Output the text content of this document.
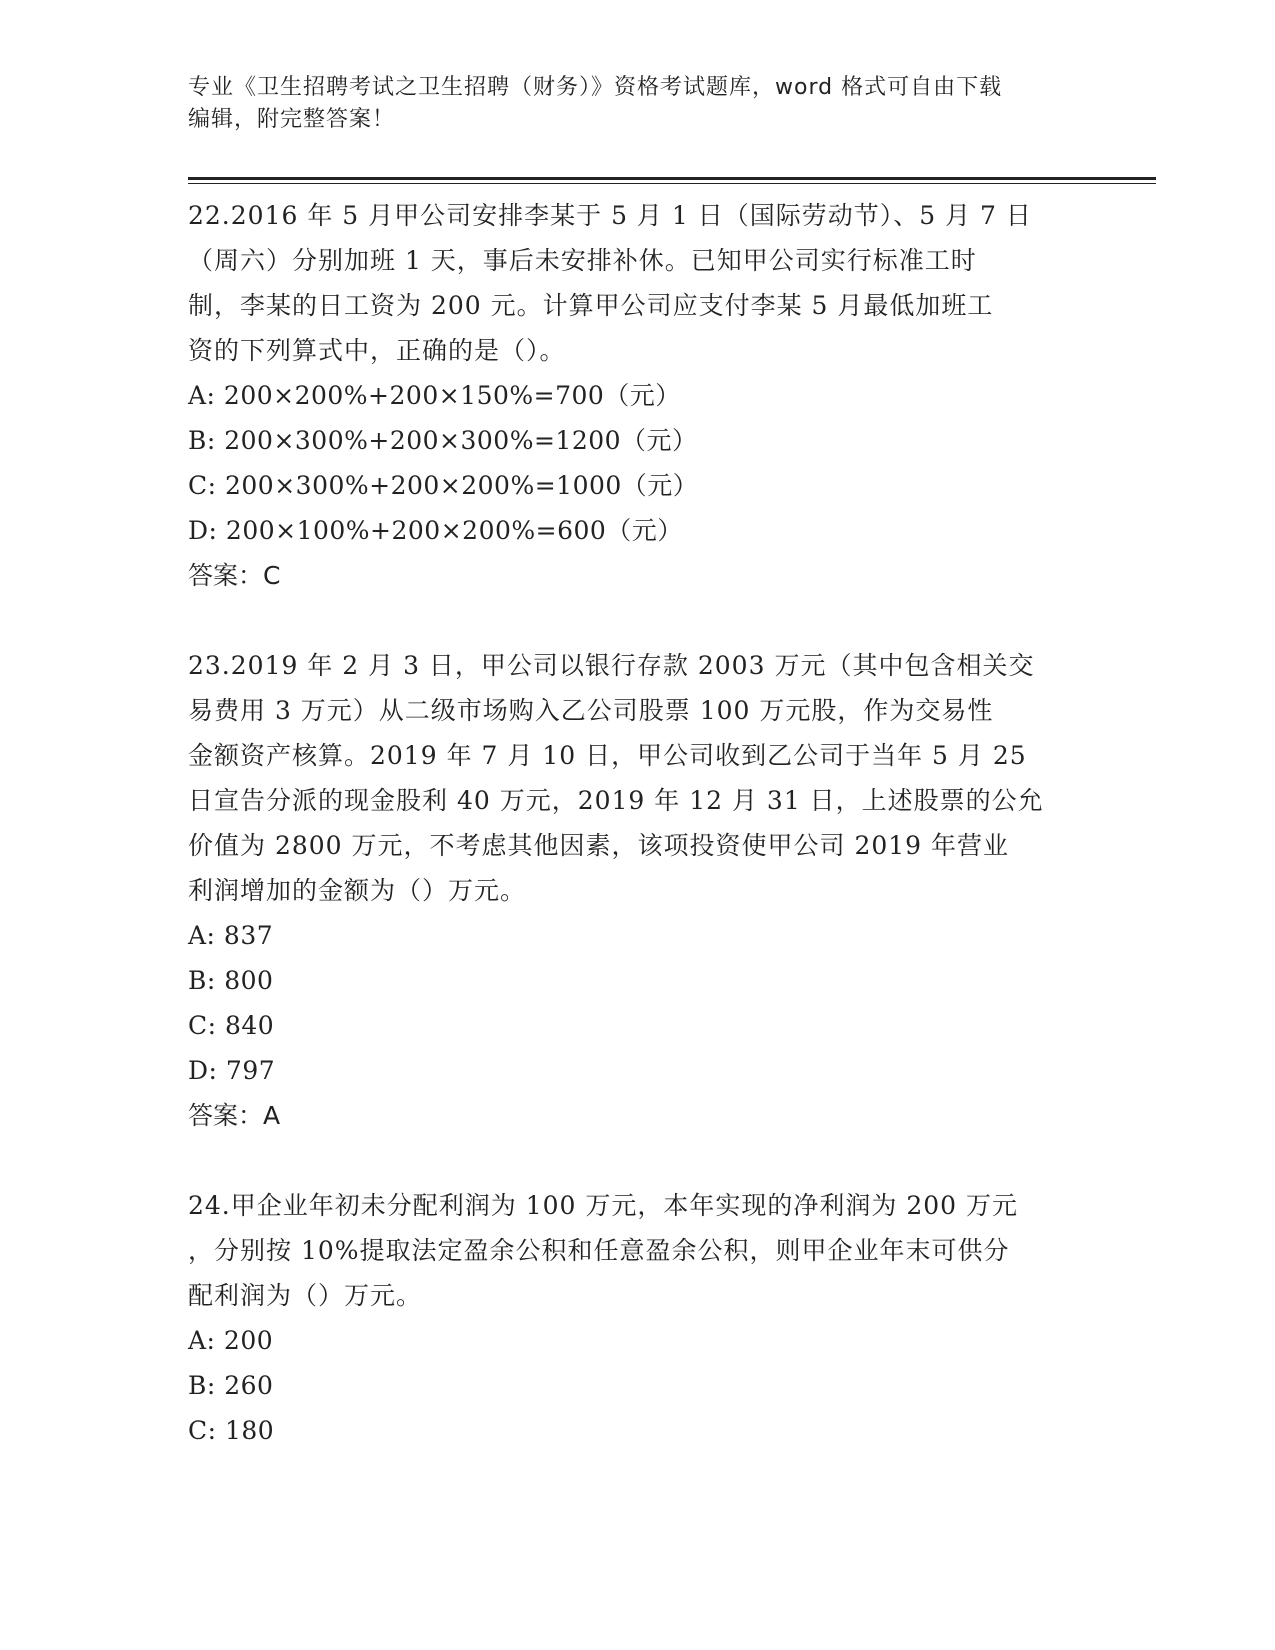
专业《卫生招聘考试之卫生招聘（财务）》资格考试题库，word 格式可自由下载
编辑，附完整答案！

22.2016 年 5 月甲公司安排李某于 5 月 1 日（国际劳动节）、5 月 7 日

（周六）分别加班 1 天，事后未安排补休。已知甲公司实行标准工时

制，李某的日工资为 200 元。计算甲公司应支付李某 5 月最低加班工

资的下列算式中，正确的是（）。

A: 200×200%+200×150%=700（元）

B: 200×300%+200×300%=1200（元）

C: 200×300%+200×200%=1000（元）

D: 200×100%+200×200%=600（元）

答案：C

23.2019 年 2 月 3 日，甲公司以银行存款 2003 万元（其中包含相关交

易费用 3 万元）从二级市场购入乙公司股票 100 万元股，作为交易性

金额资产核算。2019 年 7 月 10 日，甲公司收到乙公司于当年 5 月 25

日宣告分派的现金股利 40 万元，2019 年 12 月 31 日，上述股票的公允

价值为 2800 万元，不考虑其他因素，该项投资使甲公司 2019 年营业

利润增加的金额为（）万元。

A: 837

B: 800

C: 840

D: 797

答案：A

24.甲企业年初未分配利润为 100 万元，本年实现的净利润为 200 万元

，分别按 10%提取法定盈余公积和任意盈余公积，则甲企业年末可供分

配利润为（）万元。

A: 200

B: 260

C: 180
